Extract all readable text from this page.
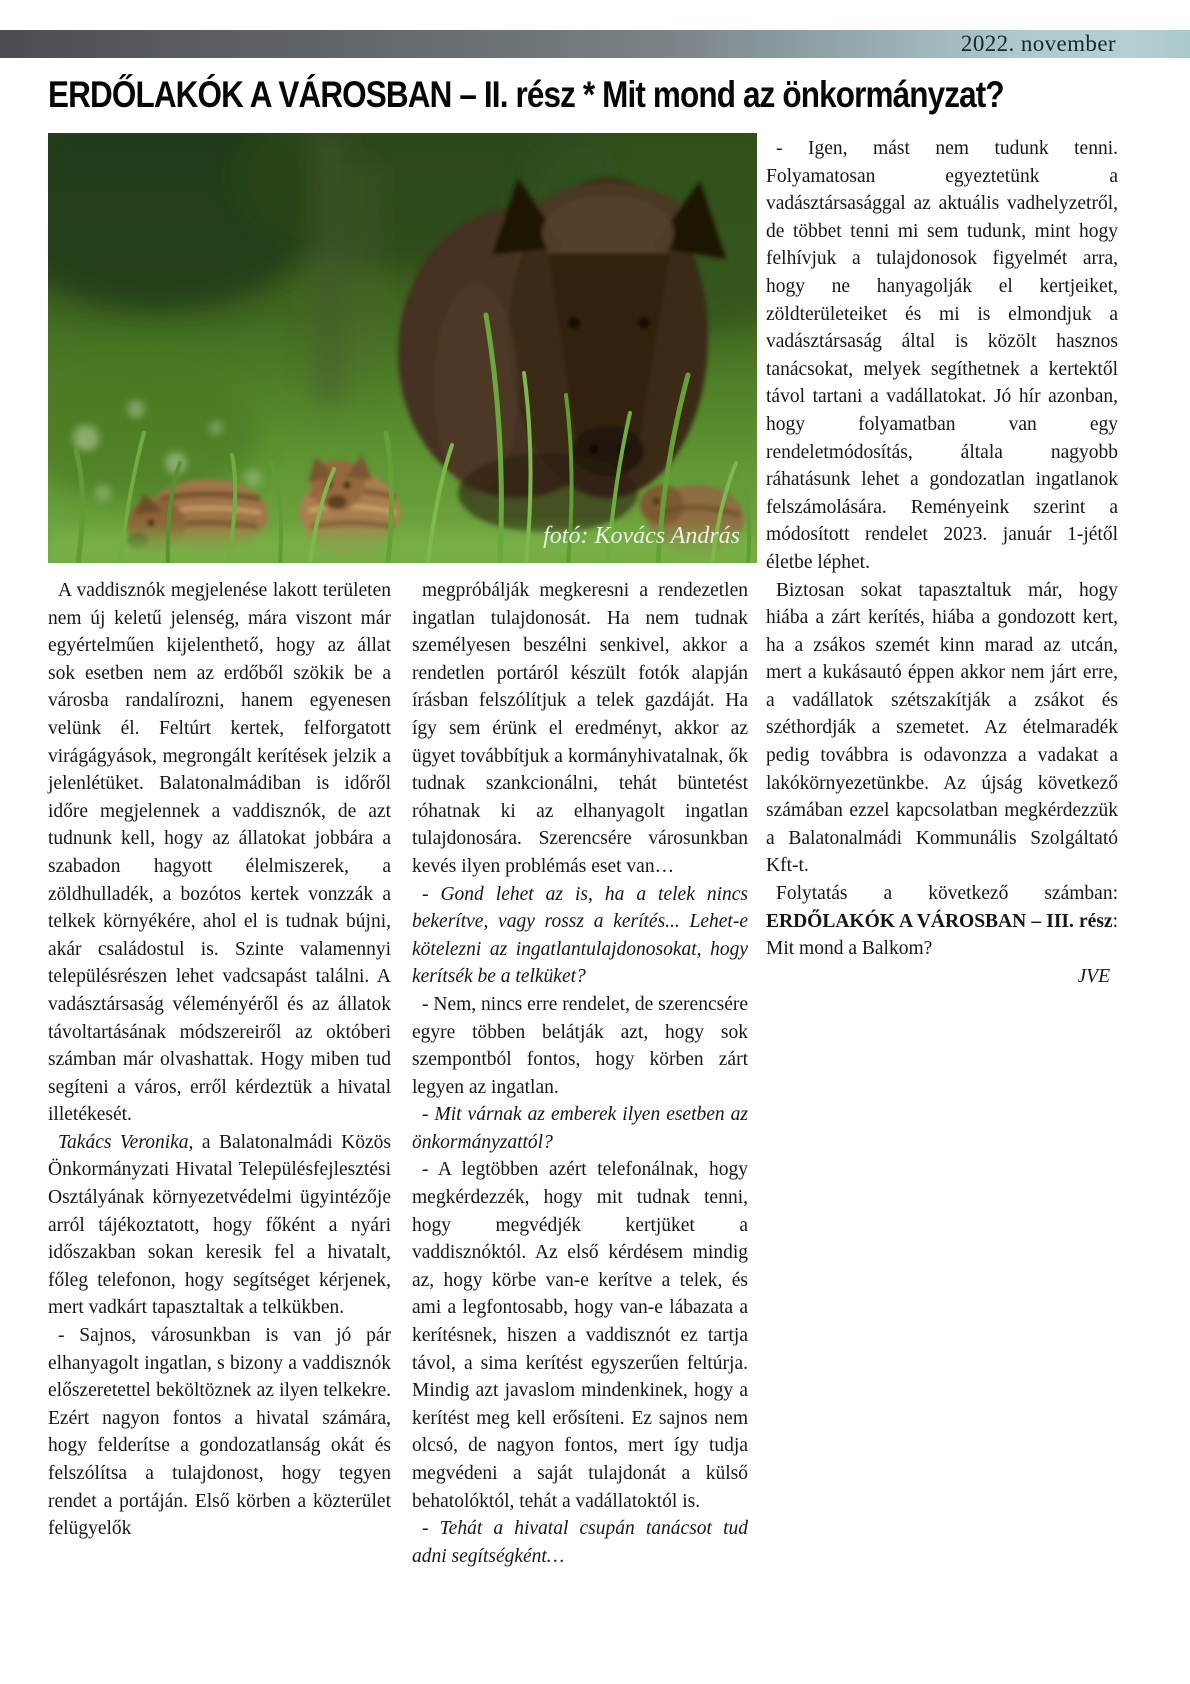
2022. november
ERDŐLAKÓK A VÁROSBAN – II. rész * Mit mond az önkormányzat?
fotó: Kovács András

A vaddisznók megjelenése lakott területen nem új keletű jelenség, mára viszont már egyértelműen kijelenthető, hogy az állat sok esetben nem az erdőből szökik be a városba randalírozni, hanem egyenesen velünk él. Feltúrt kertek, felforgatott virágágyások, megrongált kerítések jelzik a jelenlétüket. Balatonalmádiban is időről időre megjelennek a vaddisznók, de azt tudnunk kell, hogy az állatokat jobbára a szabadon hagyott élelmiszerek, a zöldhulladék, a bozótos kertek vonzzák a telkek környékére, ahol el is tudnak bújni, akár családostul is. Szinte valamennyi településrészen lehet vadcsapást találni. A vadásztársaság véleményéről és az állatok távoltartásának módszereiről az októberi számban már olvashattak. Hogy miben tud segíteni a város, erről kérdeztük a hivatal illetékesét.

Takács Veronika, a Balatonalmádi Közös Önkormányzati Hivatal Településfejlesztési Osztályának környezetvédelmi ügyintézője arról tájékoztatott, hogy főként a nyári időszakban sokan keresik fel a hivatalt, főleg telefonon, hogy segítséget kérjenek, mert vadkárt tapasztaltak a telkükben.

- Sajnos, városunkban is van jó pár elhanyagolt ingatlan, s bizony a vaddisznók előszeretettel beköltöznek az ilyen telkekre. Ezért nagyon fontos a hivatal számára, hogy felderítse a gondozatlanság okát és felszólítsa a tulajdonost, hogy tegyen rendet a portáján. Első körben a közterület felügyelők

megpróbálják megkeresni a rendezetlen ingatlan tulajdonosát. Ha nem tudnak személyesen beszélni senkivel, akkor a rendetlen portáról készült fotók alapján írásban felszólítjuk a telek gazdáját. Ha így sem érünk el eredményt, akkor az ügyet továbbítjuk a kormányhivatalnak, ők tudnak szankcionálni, tehát büntetést róhatnak ki az elhanyagolt ingatlan tulajdonosára. Szerencsére városunkban kevés ilyen problémás eset van…

- Gond lehet az is, ha a telek nincs bekerítve, vagy rossz a kerítés... Lehet-e kötelezni az ingatlantulajdonosokat, hogy kerítsék be a telküket?

- Nem, nincs erre rendelet, de szerencsére egyre többen belátják azt, hogy sok szempontból fontos, hogy körben zárt legyen az ingatlan.

- Mit várnak az emberek ilyen esetben az önkormányzattól?

- A legtöbben azért telefonálnak, hogy megkérdezzék, hogy mit tudnak tenni, hogy megvédjék kertjüket a vaddisznóktól. Az első kérdésem mindig az, hogy körbe van-e kerítve a telek, és ami a legfontosabb, hogy van-e lábazata a kerítésnek, hiszen a vaddisznót ez tartja távol, a sima kerítést egyszerűen feltúrja. Mindig azt javaslom mindenkinek, hogy a kerítést meg kell erősíteni. Ez sajnos nem olcsó, de nagyon fontos, mert így tudja megvédeni a saját tulajdonát a külső behatolóktól, tehát a vadállatoktól is.

- Tehát a hivatal csupán tanácsot tud adni segítségként…

- Igen, mást nem tudunk tenni. Folyamatosan egyeztetünk a vadásztársasággal az aktuális vadhelyzetről, de többet tenni mi sem tudunk, mint hogy felhívjuk a tulajdonosok figyelmét arra, hogy ne hanyagolják el kertjeiket, zöldterületeiket és mi is elmondjuk a vadásztársaság által is közölt hasznos tanácsokat, melyek segíthetnek a kertektől távol tartani a vadállatokat. Jó hír azonban, hogy folyamatban van egy rendeletmódosítás, általa nagyobb ráhatásunk lehet a gondozatlan ingatlanok felszámolására. Reményeink szerint a módosított rendelet 2023. január 1-jétől életbe léphet.

Biztosan sokat tapasztaltuk már, hogy hiába a zárt kerítés, hiába a gondozott kert, ha a zsákos szemét kinn marad az utcán, mert a kukásautó éppen akkor nem járt erre, a vadállatok szétszakítják a zsákot és széthordják a szemetet. Az ételmaradék pedig továbbra is odavonzza a vadakat a lakókörnyezetünkbe. Az újság következő számában ezzel kapcsolatban megkérdezzük a Balatonalmádi Kommunális Szolgáltató Kft-t.

Folytatás a következő számban: ERDŐLAKÓK A VÁROSBAN – III. rész: Mit mond a Balkom?

JVE
